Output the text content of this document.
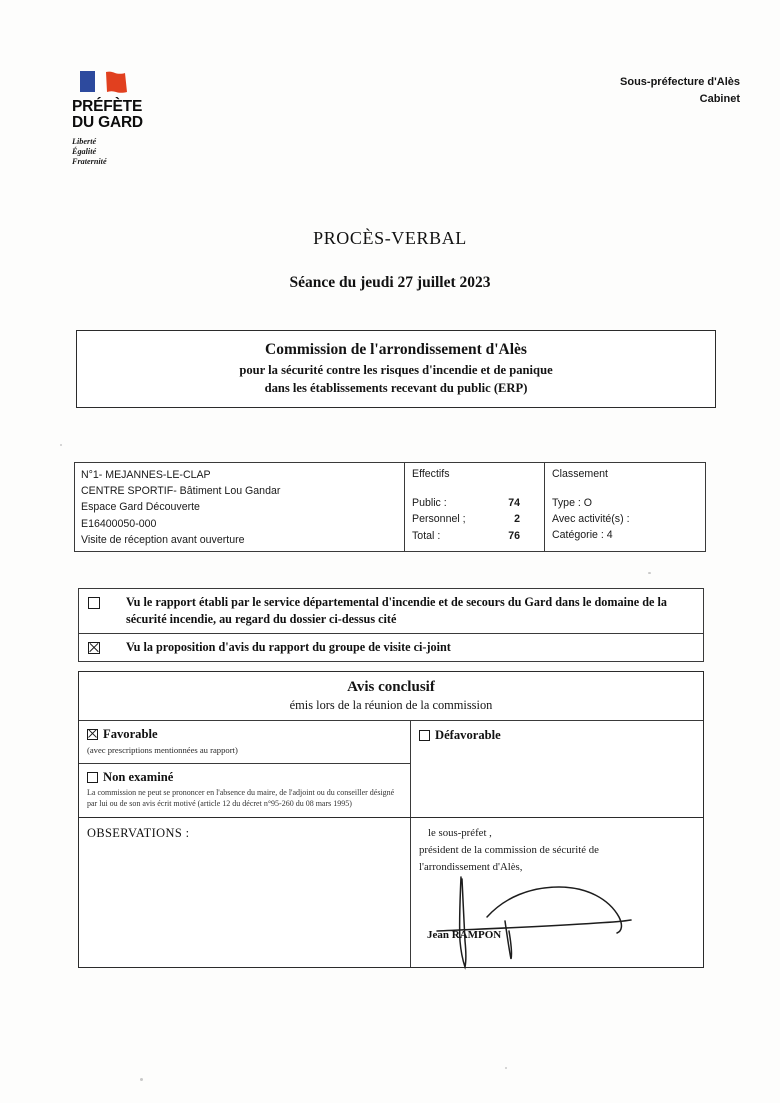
PRÉFÈTE
DU GARD
Liberté
Égalité
Fraternité
Sous-préfecture d'Alès
Cabinet
PROCÈS-VERBAL
Séance du jeudi 27 juillet 2023
Commission de l'arrondissement d'Alès
pour la sécurité contre les risques d'incendie et de panique
dans les établissements recevant du public (ERP)
N°1- MEJANNES-LE-CLAP
CENTRE SPORTIF- Bâtiment Lou Gandar
Espace Gard Découverte
E16400050-000
Visite de réception avant ouverture
Effectifs
Public :	74
Personnel ;	2
Total :	76
Classement
Type : O
Avec activité(s) :
Catégorie : 4
Vu le rapport établi par le service départemental d'incendie et de secours du Gard dans le domaine de la sécurité incendie, au regard du dossier ci-dessus cité
Vu la proposition d'avis du rapport du groupe de visite ci-joint
Avis conclusif
émis lors de la réunion de la commission
Favorable
(avec prescriptions mentionnées au rapport)
Non examiné
La commission ne peut se prononcer en l'absence du maire, de l'adjoint ou du conseiller désigné par lui ou de son avis écrit motivé (article 12 du décret n°95-260 du 08 mars 1995)
Défavorable
OBSERVATIONS :	le sous-préfet ,
président de la commission de sécurité de
l'arrondissement d'Alès,
Jean RAMPON
